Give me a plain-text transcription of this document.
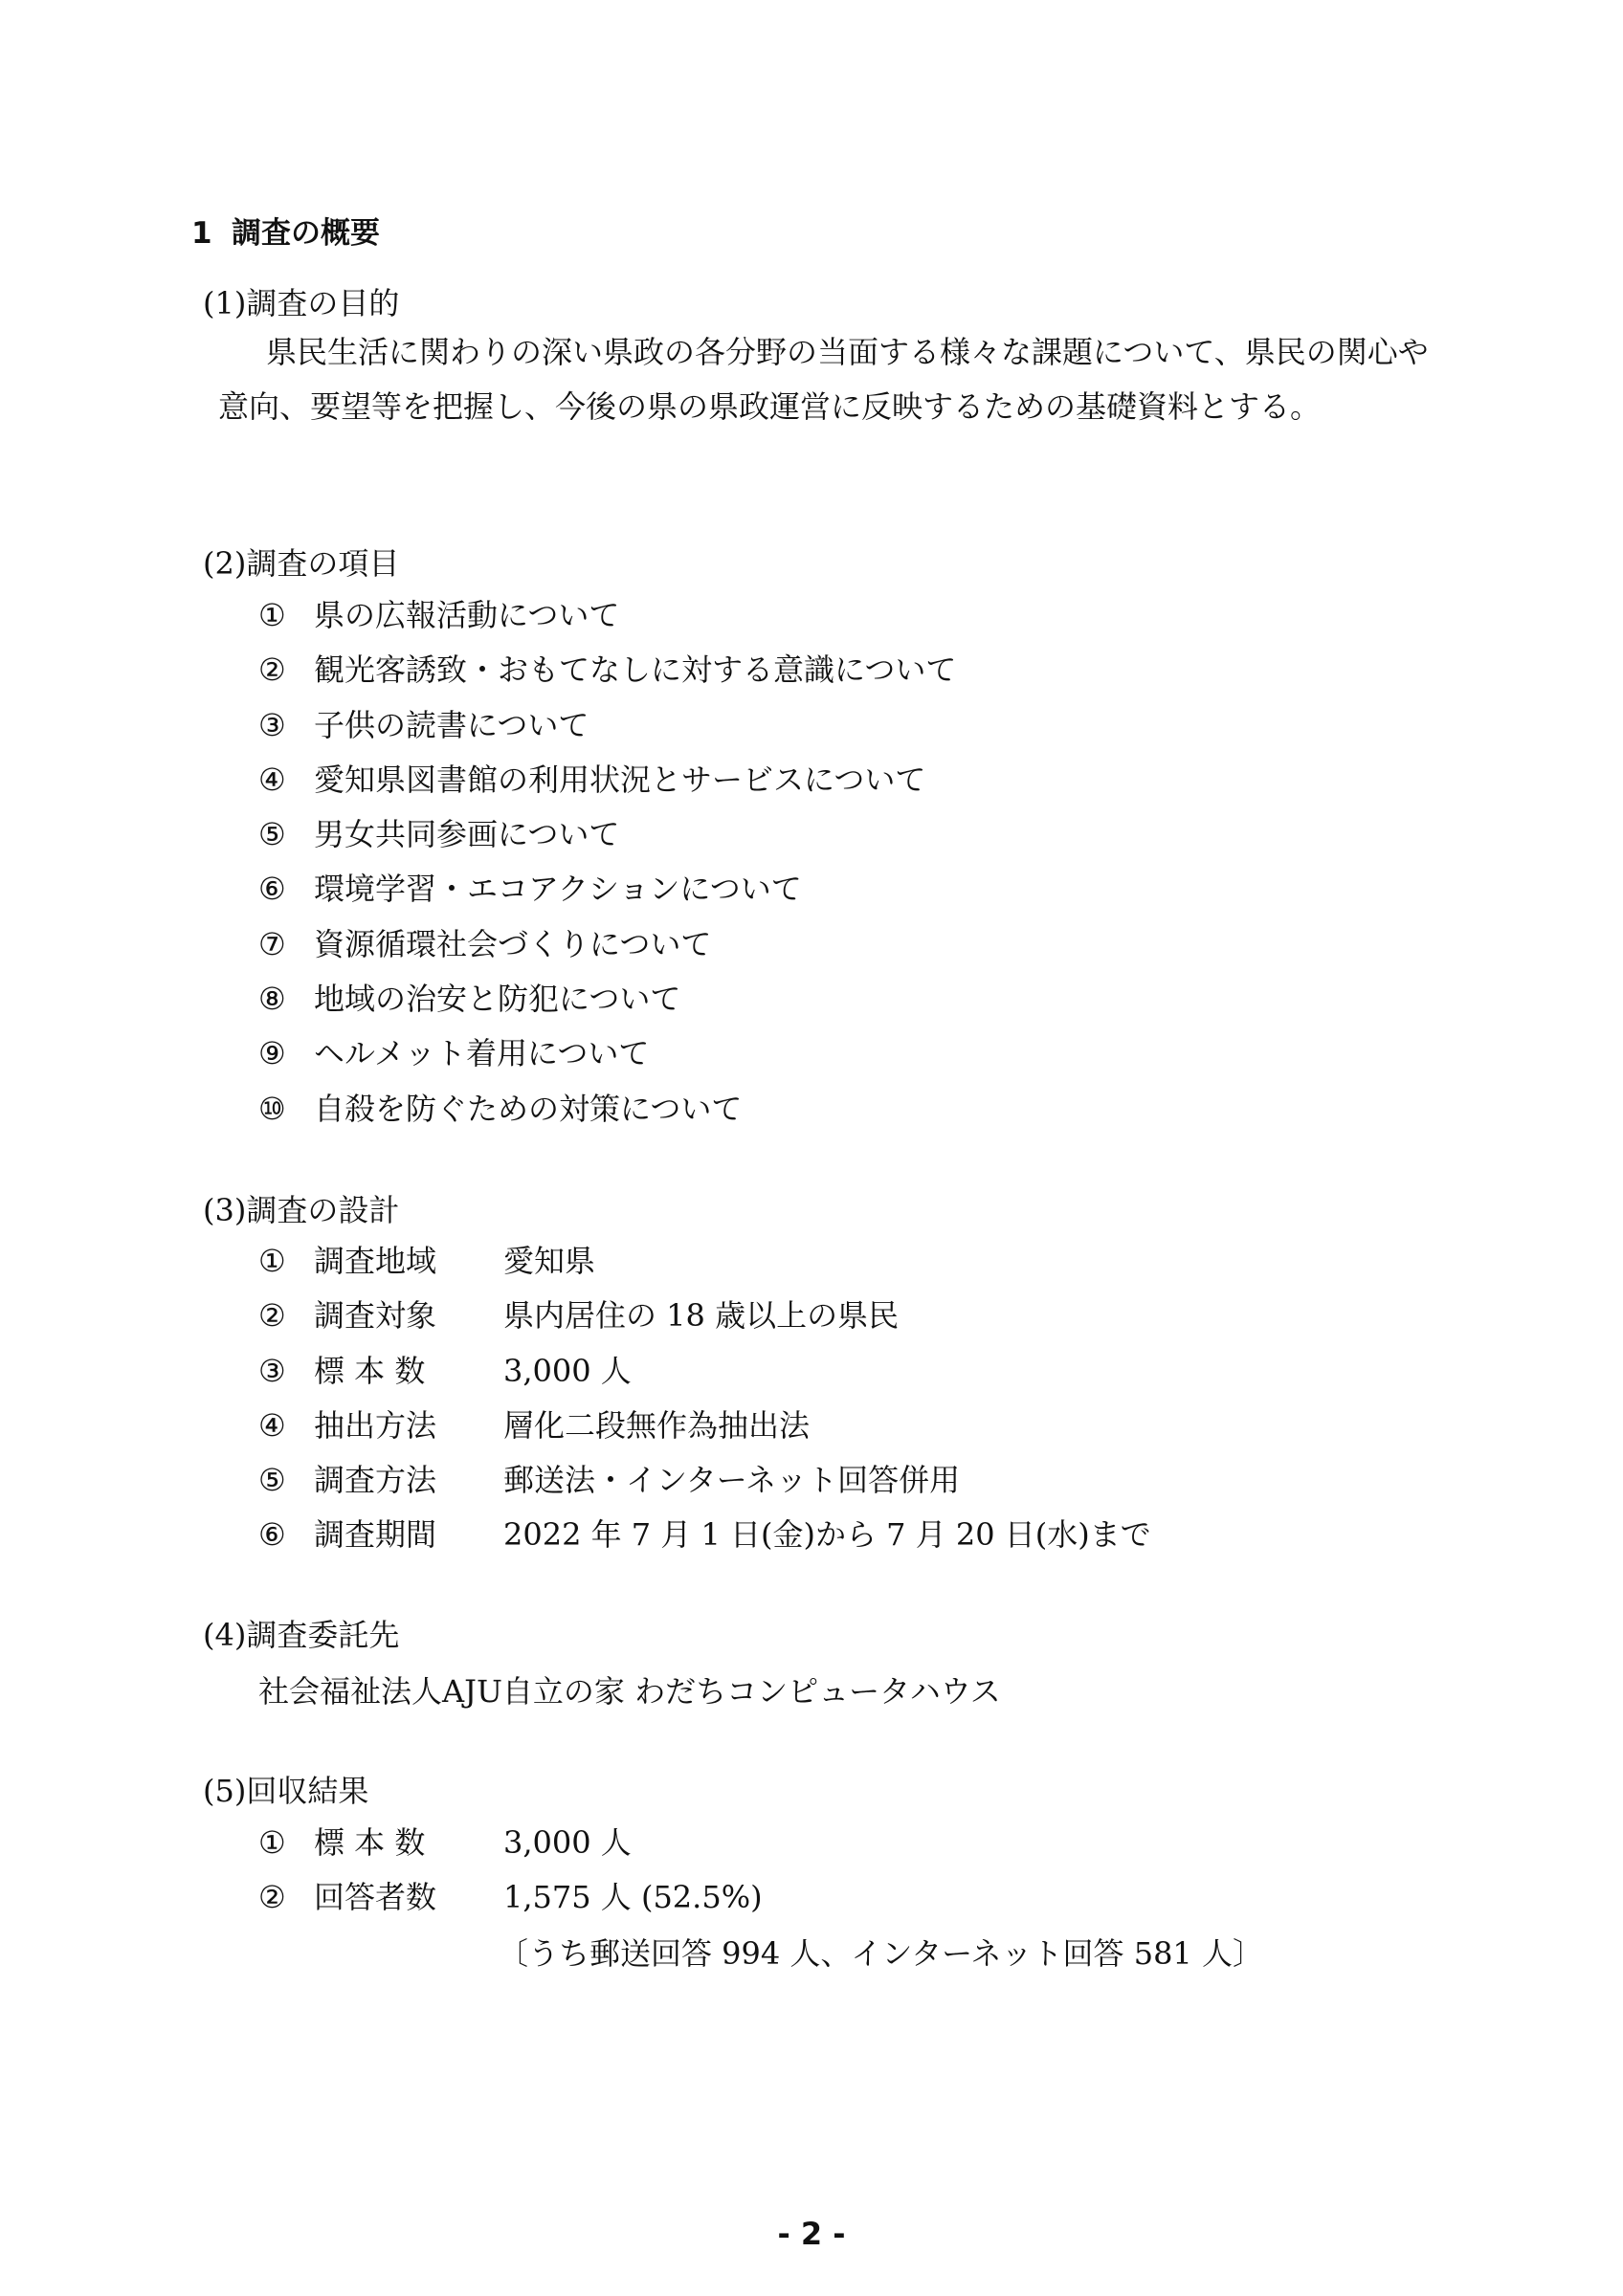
1 調査の概要
(1)調査の目的
県民生活に関わりの深い県政の各分野の当面する様々な課題について、県民の関心や意向、要望等を把握し、今後の県の県政運営に反映するための基礎資料とする。
(2)調査の項目
① 県の広報活動について
② 観光客誘致・おもてなしに対する意識について
③ 子供の読書について
④ 愛知県図書館の利用状況とサービスについて
⑤ 男女共同参画について
⑥ 環境学習・エコアクションについて
⑦ 資源循環社会づくりについて
⑧ 地域の治安と防犯について
⑨ ヘルメット着用について
⑩ 自殺を防ぐための対策について
(3)調査の設計
① 調査地域 愛知県
② 調査対象 県内居住の 18 歳以上の県民
③ 標 本 数	3,000 人
④ 抽出方法 層化二段無作為抽出法
⑤ 調査方法 郵送法・インターネット回答併用
⑥ 調査期間 2022 年 7 月 1 日(金)から 7 月 20 日(水)まで
(4)調査委託先
社会福祉法人AJU自立の家 わだちコンピュータハウス
(5)回収結果
① 標 本 数	3,000 人
② 回答者数 1,575 人 (52.5%)
〔うち郵送回答 994 人、インターネット回答 581 人〕
- 2 -
